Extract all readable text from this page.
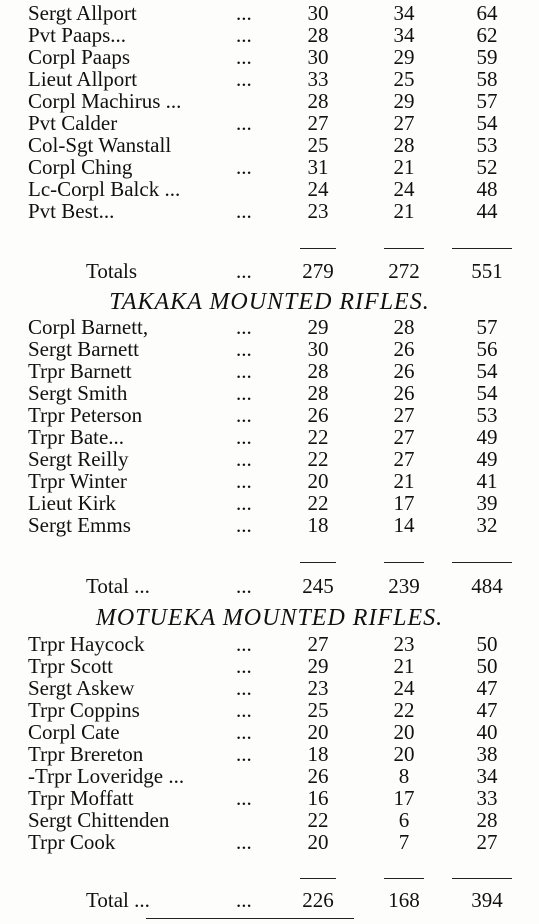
Sergt Allport	...	30	34	64
Pvt Paaps...	...	28	34	62
Corpl Paaps	...	30	29	59
Lieut Allport	...	33	25	58
Corpl Machirus ...	28	29	57
Pvt Calder	...	27	27	54
Col-Sgt Wanstall	25	28	53
Corpl Ching	...	31	21	52
Lc-Corpl Balck ...	24	24	48
Pvt Best...	...	23	21	44
Totals	... 279	272	551
TAKAKA MOUNTED RIFLES.
Corpl Barnett,	...	29	28	57
Sergt Barnett	...	30	26	56
Trpr Barnett	...	28	26	54
Sergt Smith	...	28	26	54
Trpr Peterson	...	26	27	53
Trpr Bate...	...	22	27	49
Sergt Reilly	...	22	27	49
Trpr Winter	...	20	21	41
Lieut Kirk	...	22	17	39
Sergt Emms	...	18	14	32
Total ...	... 245	239	484
MOTUEKA MOUNTED RIFLES.
Trpr Haycock	...	27	23	50
Trpr Scott	...	29	21	50
Sergt Askew	...	23	24	47
Trpr Coppins	...	25	22	47
Corpl Cate	...	20	20	40
Trpr Brereton	...	18	20	38
-Trpr Loveridge ...	26	8	34
Trpr Moffatt	...	16	17	33
Sergt Chittenden	22	6	28
Trpr Cook	...	20	7	27
Total ...	... 226	168	394
